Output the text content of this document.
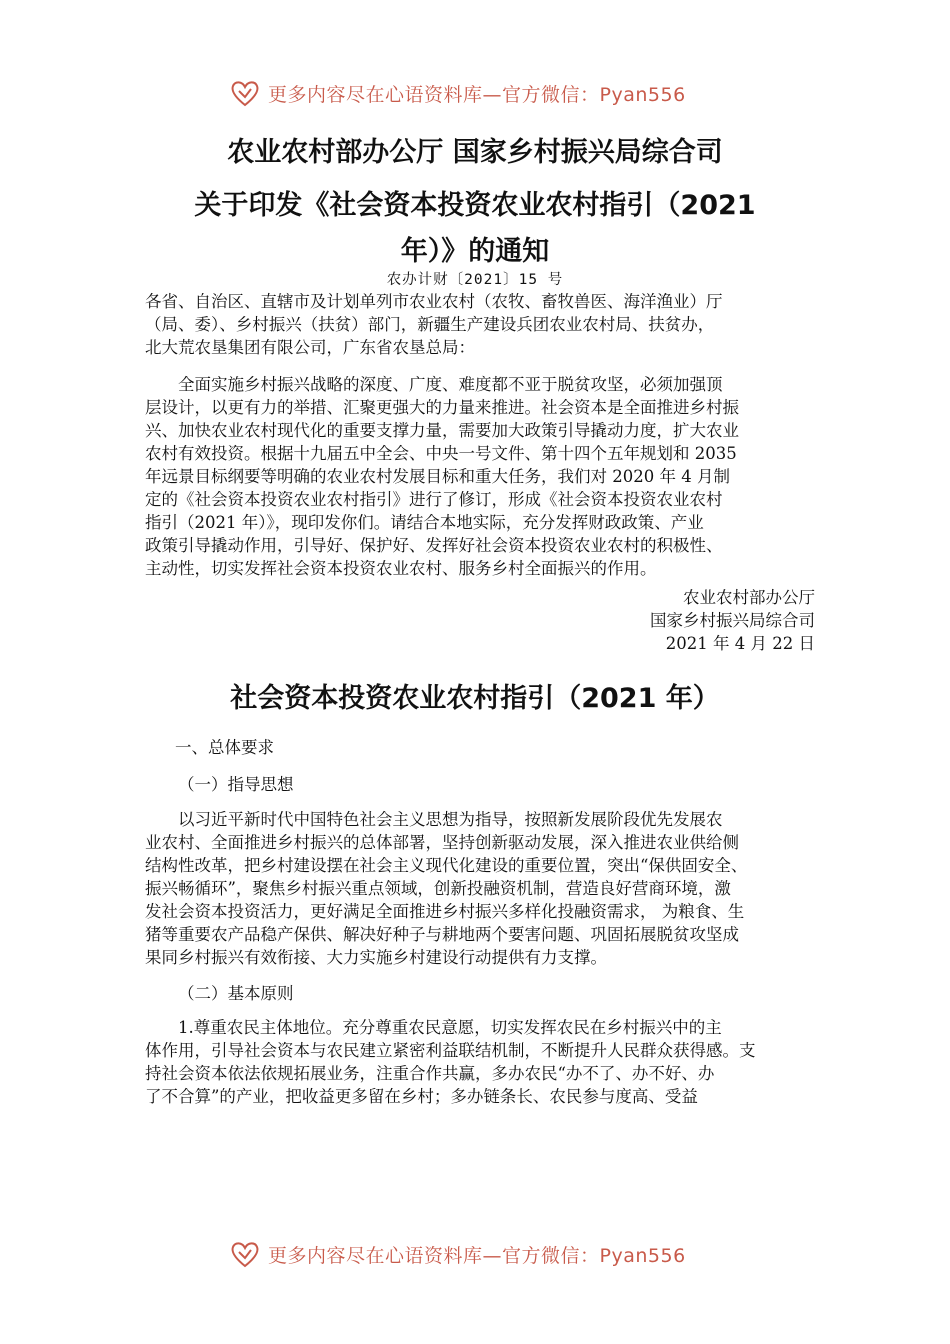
更多内容尽在心语资料库—官方微信：Pyan556
农业农村部办公厅 国家乡村振兴局综合司
关于印发《社会资本投资农业农村指引（2021
年）》的通知
农办计财〔2021〕15 号
各省、自治区、直辖市及计划单列市农业农村（农牧、畜牧兽医、海洋渔业）厅
（局、委）、乡村振兴（扶贫）部门，新疆生产建设兵团农业农村局、扶贫办，
北大荒农垦集团有限公司，广东省农垦总局：
全面实施乡村振兴战略的深度、广度、难度都不亚于脱贫攻坚，必须加强顶
层设计，以更有力的举措、汇聚更强大的力量来推进。社会资本是全面推进乡村振
兴、加快农业农村现代化的重要支撑力量，需要加大政策引导撬动力度，扩大农业
农村有效投资。根据十九届五中全会、中央一号文件、第十四个五年规划和 2035
年远景目标纲要等明确的农业农村发展目标和重大任务，我们对 2020 年 4 月制
定的《社会资本投资农业农村指引》进行了修订，形成《社会资本投资农业农村
指引（2021 年）》，现印发你们。请结合本地实际，充分发挥财政政策、产业
政策引导撬动作用，引导好、保护好、发挥好社会资本投资农业农村的积极性、
主动性，切实发挥社会资本投资农业农村、服务乡村全面振兴的作用。
农业农村部办公厅
国家乡村振兴局综合司
2021 年 4 月 22 日
社会资本投资农业农村指引（2021 年）
一、总体要求
（一）指导思想
以习近平新时代中国特色社会主义思想为指导，按照新发展阶段优先发展农
业农村、全面推进乡村振兴的总体部署，坚持创新驱动发展，深入推进农业供给侧
结构性改革，把乡村建设摆在社会主义现代化建设的重要位置，突出“保供固安全、
振兴畅循环”，聚焦乡村振兴重点领域，创新投融资机制，营造良好营商环境，激
发社会资本投资活力，更好满足全面推进乡村振兴多样化投融资需求， 为粮食、生
猪等重要农产品稳产保供、解决好种子与耕地两个要害问题、巩固拓展脱贫攻坚成
果同乡村振兴有效衔接、大力实施乡村建设行动提供有力支撑。
（二）基本原则
1.尊重农民主体地位。充分尊重农民意愿，切实发挥农民在乡村振兴中的主
体作用，引导社会资本与农民建立紧密利益联结机制，不断提升人民群众获得感。支
持社会资本依法依规拓展业务，注重合作共赢，多办农民“办不了、办不好、办
了不合算”的产业，把收益更多留在乡村；多办链条长、农民参与度高、受益
更多内容尽在心语资料库—官方微信：Pyan556
